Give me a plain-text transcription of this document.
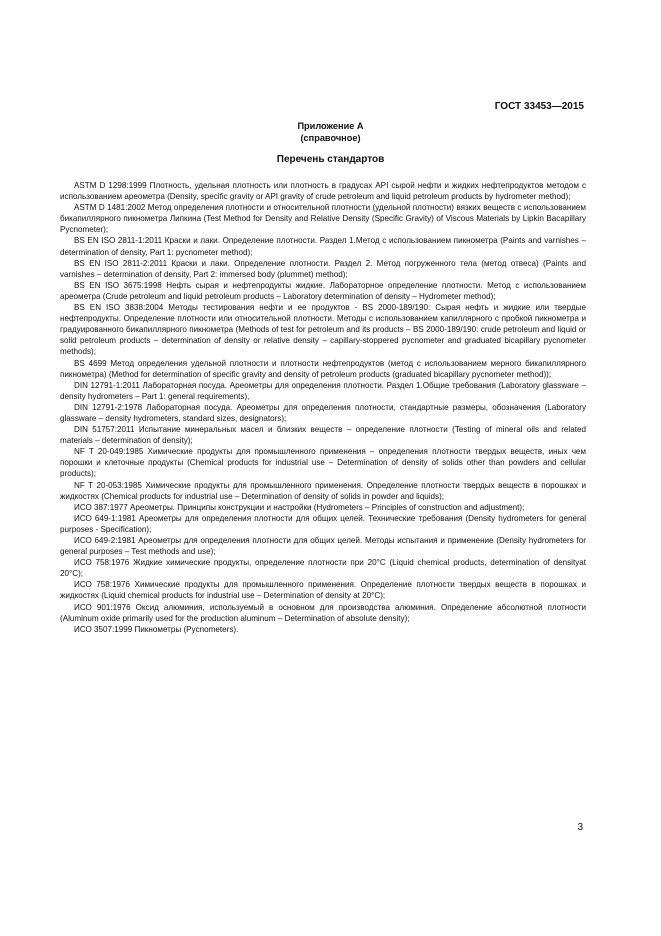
ГОСТ 33453—2015
Приложение А
(справочное)
Перечень стандартов

ASTM D 1298:1999 Плотность, удельная плотность или плотность в градусах API сырой нефти и жидких нефтепродуктов методом с использованием ареометра (Density, specific gravity or API gravity of crude petroleum and liquid petroleum products by hydrometer method);

ASTM D 1481:2002 Метод определения плотности и относительной плотности (удельной плотности) вязких веществ с использованием бикапиллярного пикнометра Липкина (Test Method for Density and Relative Density (Specific Gravity) of Viscous Materials by Lipkin Bacapillary Pycnometer);

BS EN ISO 2811-1:2011 Краски и лаки. Определение плотности. Раздел 1.Метод с использованием пикнометра (Paints and varnishes – determination of density, Part 1: pycnometer method);

BS EN ISO 2811-2:2011 Краски и лаки. Определение плотности. Раздел 2. Метод погруженного тела (метод отвеса) (Paints and varnishes – determination of density, Part 2: immersed body (plummet) method);

BS EN ISO 3675:1998 Нефть сырая и нефтепродукты жидкие. Лабораторное определение плотности. Метод с использованием ареометра (Crude petroleum and liquid petroleum products – Laboratory determination of density – Hydrometer method);

BS EN ISO 3838:2004 Методы тестирования нефти и ее продуктов - BS 2000-189/190: Сырая нефть и жидкие или твердые нефтепродукты. Определение плотности или относительной плотности. Методы с использованием капиллярного с пробкой пикнометра и градуированного бикапиллярного пикнометра (Methods of test for petroleum and its products – BS 2000-189/190: crude petroleum and liquid or solid petroleum products – determination of density or relative density – capillary-stoppered pycnometer and graduated bicapillary pycnometer methods);

BS 4699 Метод определения удельной плотности и плотности нефтепродуктов (метод с использованием мерного бикапиллярного пикнометра) (Method for determination of specific gravity and density of petroleum products (graduated bicapillary pycnometer method));

DIN 12791-1:2011 Лабораторная посуда. Ареометры для определения плотности. Раздел 1.Общие требования (Laboratory glassware – density hydrometers – Part 1: general requirements),

DIN 12791-2:1978 Лабораторная посуда. Ареометры для определения плотности, стандартные размеры, обозначения (Laboratory glassware – density hydrometers, standard sizes, designators);

DIN 51757:2011 Испытание минеральных масел и близких веществ – определение плотности (Testing of mineral oils and related materials – determination of density);

NF T 20-049:1985 Химические продукты для промышленного применения – определения плотности твердых веществ, иных чем порошки и клеточные продукты (Chemical products for industrial use – Determination of density of solids other than powders and cellular products);

NF T 20-053:1985 Химические продукты для промышленного применения. Определение плотности твердых веществ в порошках и жидкостях (Chemical products for industrial use – Determination of density of solids in powder and liquids);

ИСО 387:1977 Ареометры. Принципы конструкции и настройки (Hydrometers – Principles of construction and adjustment);

ИСО 649-1:1981 Ареометры для определения плотности для общих целей. Технические требования (Density hydrometers for general purposes - Specification);

ИСО 649-2:1981 Ареометры для определения плотности для общих целей. Методы испытания и применение (Density hydrometers for general purposes – Test methods and use);

ИСО 758:1976 Жидкие химические продукты, определение плотности при 20°С (Liquid chemical products, determination of densityat 20°С);

ИСО 758:1976 Химические продукты для промышленного применения. Определение плотности твердых веществ в порошках и жидкостях (Liquid chemical products for industrial use – Determination of density at 20°С);

ИСО 901:1976 Оксид алюминия, используемый в основном для производства алюминия. Определение абсолютной плотности (Aluminum oxide primarily used for the production aluminum – Determination of absolute density);

ИСО 3507:1999 Пикнометры (Pycnometers).

3
